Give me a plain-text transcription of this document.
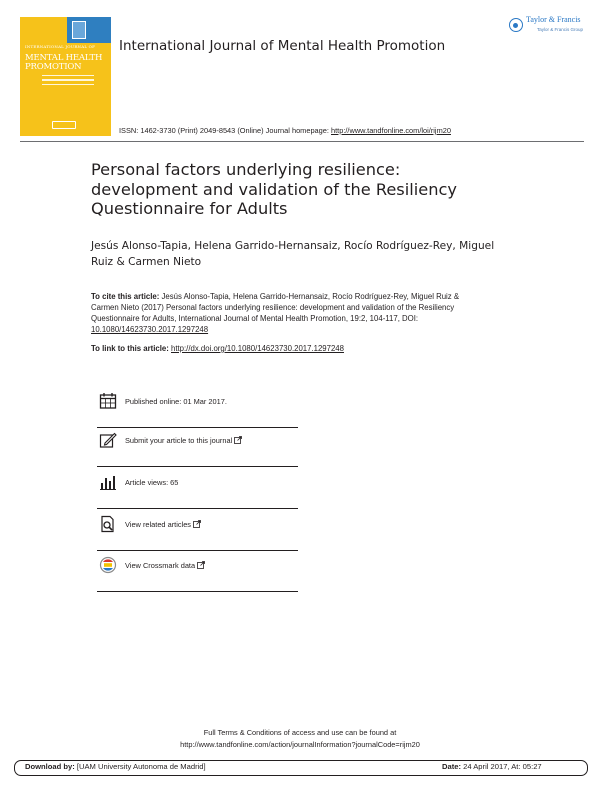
INTERNATIONAL JOURNAL OF
MENTAL HEALTH
PROMOTION
International Journal of Mental Health Promotion
Taylor & Francis
Taylor & Francis Group
ISSN: 1462-3730 (Print) 2049-8543 (Online) Journal homepage: http://www.tandfonline.com/loi/rijm20
Personal factors underlying resilience: development and validation of the Resiliency Questionnaire for Adults
Jesús Alonso-Tapia, Helena Garrido-Hernansaiz, Rocío Rodríguez-Rey, Miguel Ruiz & Carmen Nieto
To cite this article: Jesús Alonso-Tapia, Helena Garrido-Hernansaiz, Rocío Rodríguez-Rey, Miguel Ruiz & Carmen Nieto (2017) Personal factors underlying resilience: development and validation of the Resiliency Questionnaire for Adults, International Journal of Mental Health Promotion, 19:2, 104-117, DOI: 10.1080/14623730.2017.1297248
To link to this article: http://dx.doi.org/10.1080/14623730.2017.1297248
Published online: 01 Mar 2017.
Submit your article to this journal
Article views: 65
View related articles
View Crossmark data
Full Terms & Conditions of access and use can be found at
http://www.tandfonline.com/action/journalInformation?journalCode=rijm20
Download by: [UAM University Autonoma de Madrid]	Date: 24 April 2017, At: 05:27
